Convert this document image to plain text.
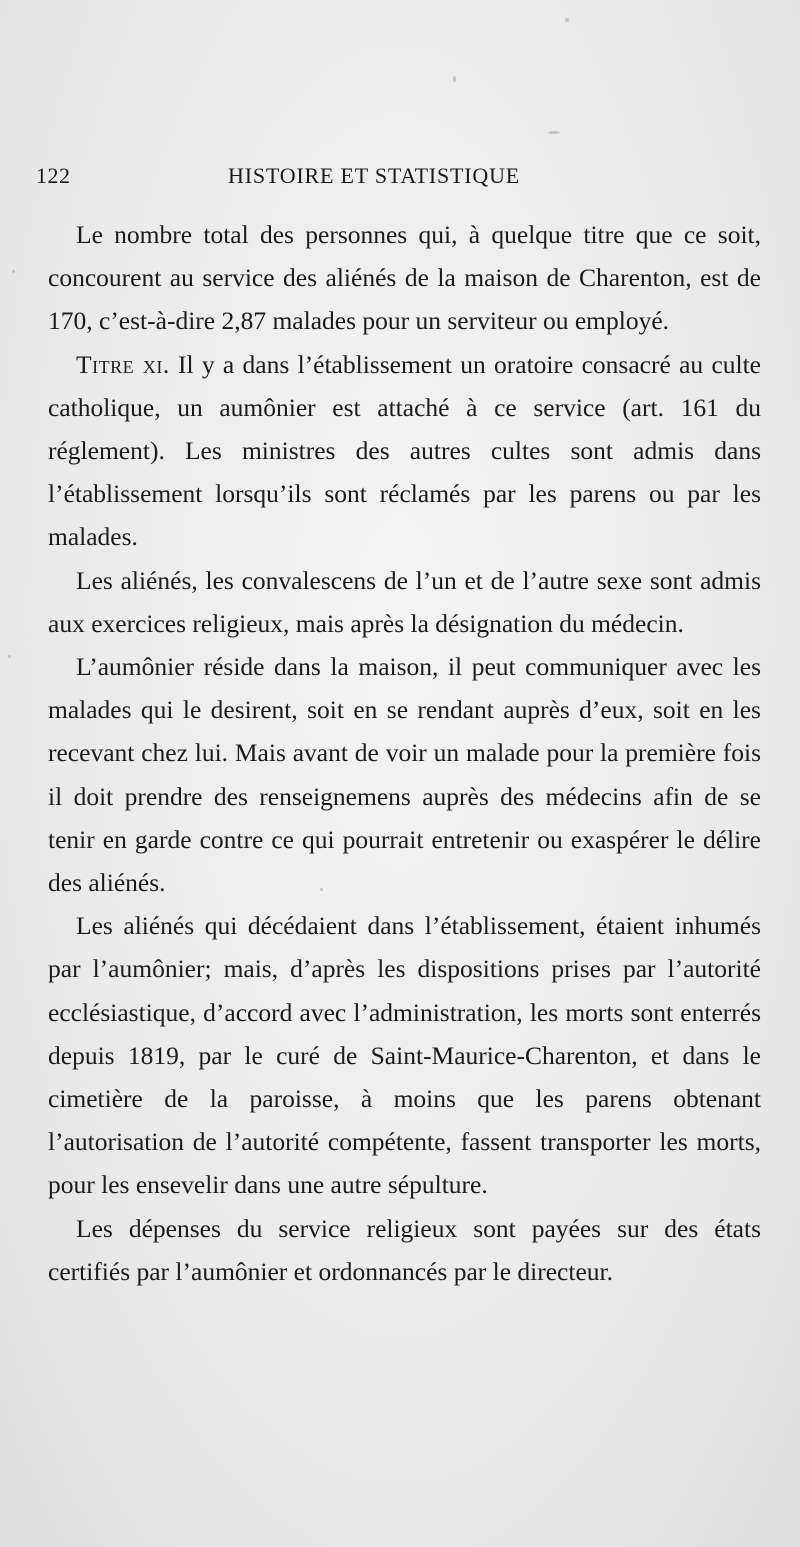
122	HISTOIRE ET STATISTIQUE

Le nombre total des personnes qui, à quelque titre que ce soit, concourent au service des aliénés de la maison de Charenton, est de 170, c’est-à-dire 2,87 malades pour un serviteur ou employé.

Titre xi. Il y a dans l’établissement un oratoire consacré au culte catholique, un aumônier est attaché à ce service (art. 161 du réglement). Les ministres des autres cultes sont admis dans l’établissement lorsqu’ils sont réclamés par les parens ou par les malades.

Les aliénés, les convalescens de l’un et de l’autre sexe sont admis aux exercices religieux, mais après la désignation du médecin.

L’aumônier réside dans la maison, il peut communiquer avec les malades qui le desirent, soit en se rendant auprès d’eux, soit en les recevant chez lui. Mais avant de voir un malade pour la première fois il doit prendre des renseignemens auprès des médecins afin de se tenir en garde contre ce qui pourrait entretenir ou exaspérer le délire des aliénés.

Les aliénés qui décédaient dans l’établissement, étaient inhumés par l’aumônier; mais, d’après les dispositions prises par l’autorité ecclésiastique, d’accord avec l’administration, les morts sont enterrés depuis 1819, par le curé de Saint-Maurice-Charenton, et dans le cimetière de la paroisse, à moins que les parens obtenant l’autorisation de l’autorité compétente, fassent transporter les morts, pour les ensevelir dans une autre sépulture.

Les dépenses du service religieux sont payées sur des états certifiés par l’aumônier et ordonnancés par le directeur.
